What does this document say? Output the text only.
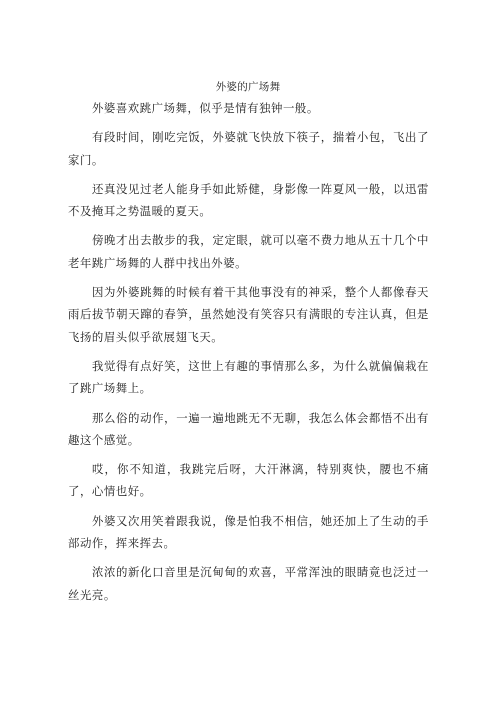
外婆的广场舞

外婆喜欢跳广场舞，似乎是情有独钟一般。

有段时间，刚吃完饭，外婆就飞快放下筷子，揣着小包，飞出了家门。

还真没见过老人能身手如此矫健，身影像一阵夏风一般，以迅雷不及掩耳之势温暖的夏天。

傍晚才出去散步的我，定定眼，就可以毫不费力地从五十几个中老年跳广场舞的人群中找出外婆。

因为外婆跳舞的时候有着干其他事没有的神采，整个人都像春天雨后拔节朝天蹿的春笋，虽然她没有笑容只有满眼的专注认真，但是飞扬的眉头似乎欲展翅飞天。

我觉得有点好笑，这世上有趣的事情那么多，为什么就偏偏栽在了跳广场舞上。

那么俗的动作，一遍一遍地跳无不无聊，我怎么体会都悟不出有趣这个感觉。

哎，你不知道，我跳完后呀，大汗淋漓，特别爽快，腰也不痛了，心情也好。

外婆又次用笑着跟我说，像是怕我不相信，她还加上了生动的手部动作，挥来挥去。

浓浓的新化口音里是沉甸甸的欢喜，平常浑浊的眼睛竟也泛过一丝光亮。
